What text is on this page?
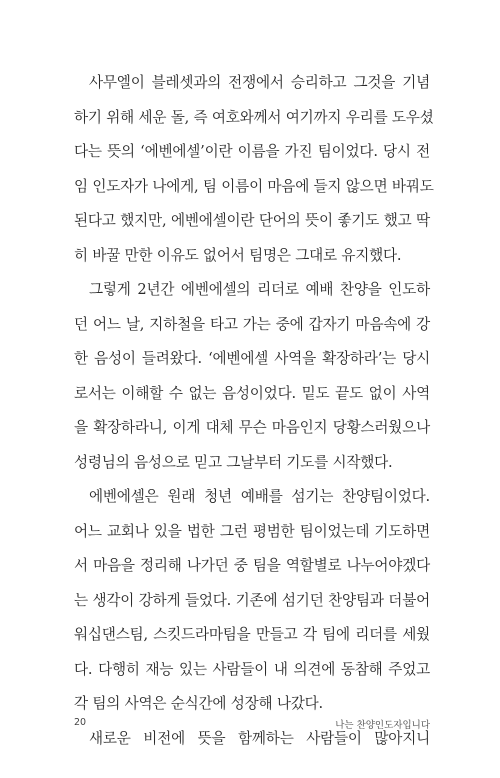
사무엘이 블레셋과의 전쟁에서 승리하고 그것을 기념
하기 위해 세운 돌, 즉 여호와께서 여기까지 우리를 도우셨
다는 뜻의 ‘에벤에셀’이란 이름을 가진 팀이었다. 당시 전
임 인도자가 나에게, 팀 이름이 마음에 들지 않으면 바꿔도
된다고 했지만, 에벤에셀이란 단어의 뜻이 좋기도 했고 딱
히 바꿀 만한 이유도 없어서 팀명은 그대로 유지했다.
그렇게 2년간 에벤에셀의 리더로 예배 찬양을 인도하
던 어느 날, 지하철을 타고 가는 중에 갑자기 마음속에 강
한 음성이 들려왔다. ‘에벤에셀 사역을 확장하라’는 당시
로서는 이해할 수 없는 음성이었다. 밑도 끝도 없이 사역
을 확장하라니, 이게 대체 무슨 마음인지 당황스러웠으나
성령님의 음성으로 믿고 그날부터 기도를 시작했다.
에벤에셀은 원래 청년 예배를 섬기는 찬양팀이었다.
어느 교회나 있을 법한 그런 평범한 팀이었는데 기도하면
서 마음을 정리해 나가던 중 팀을 역할별로 나누어야겠다
는 생각이 강하게 들었다. 기존에 섬기던 찬양팀과 더불어
워십댄스팀, 스킷드라마팀을 만들고 각 팀에 리더를 세웠
다. 다행히 재능 있는 사람들이 내 의견에 동참해 주었고
각 팀의 사역은 순식간에 성장해 나갔다.
새로운 비전에 뜻을 함께하는 사람들이 많아지니
20	나는 찬양인도자입니다
